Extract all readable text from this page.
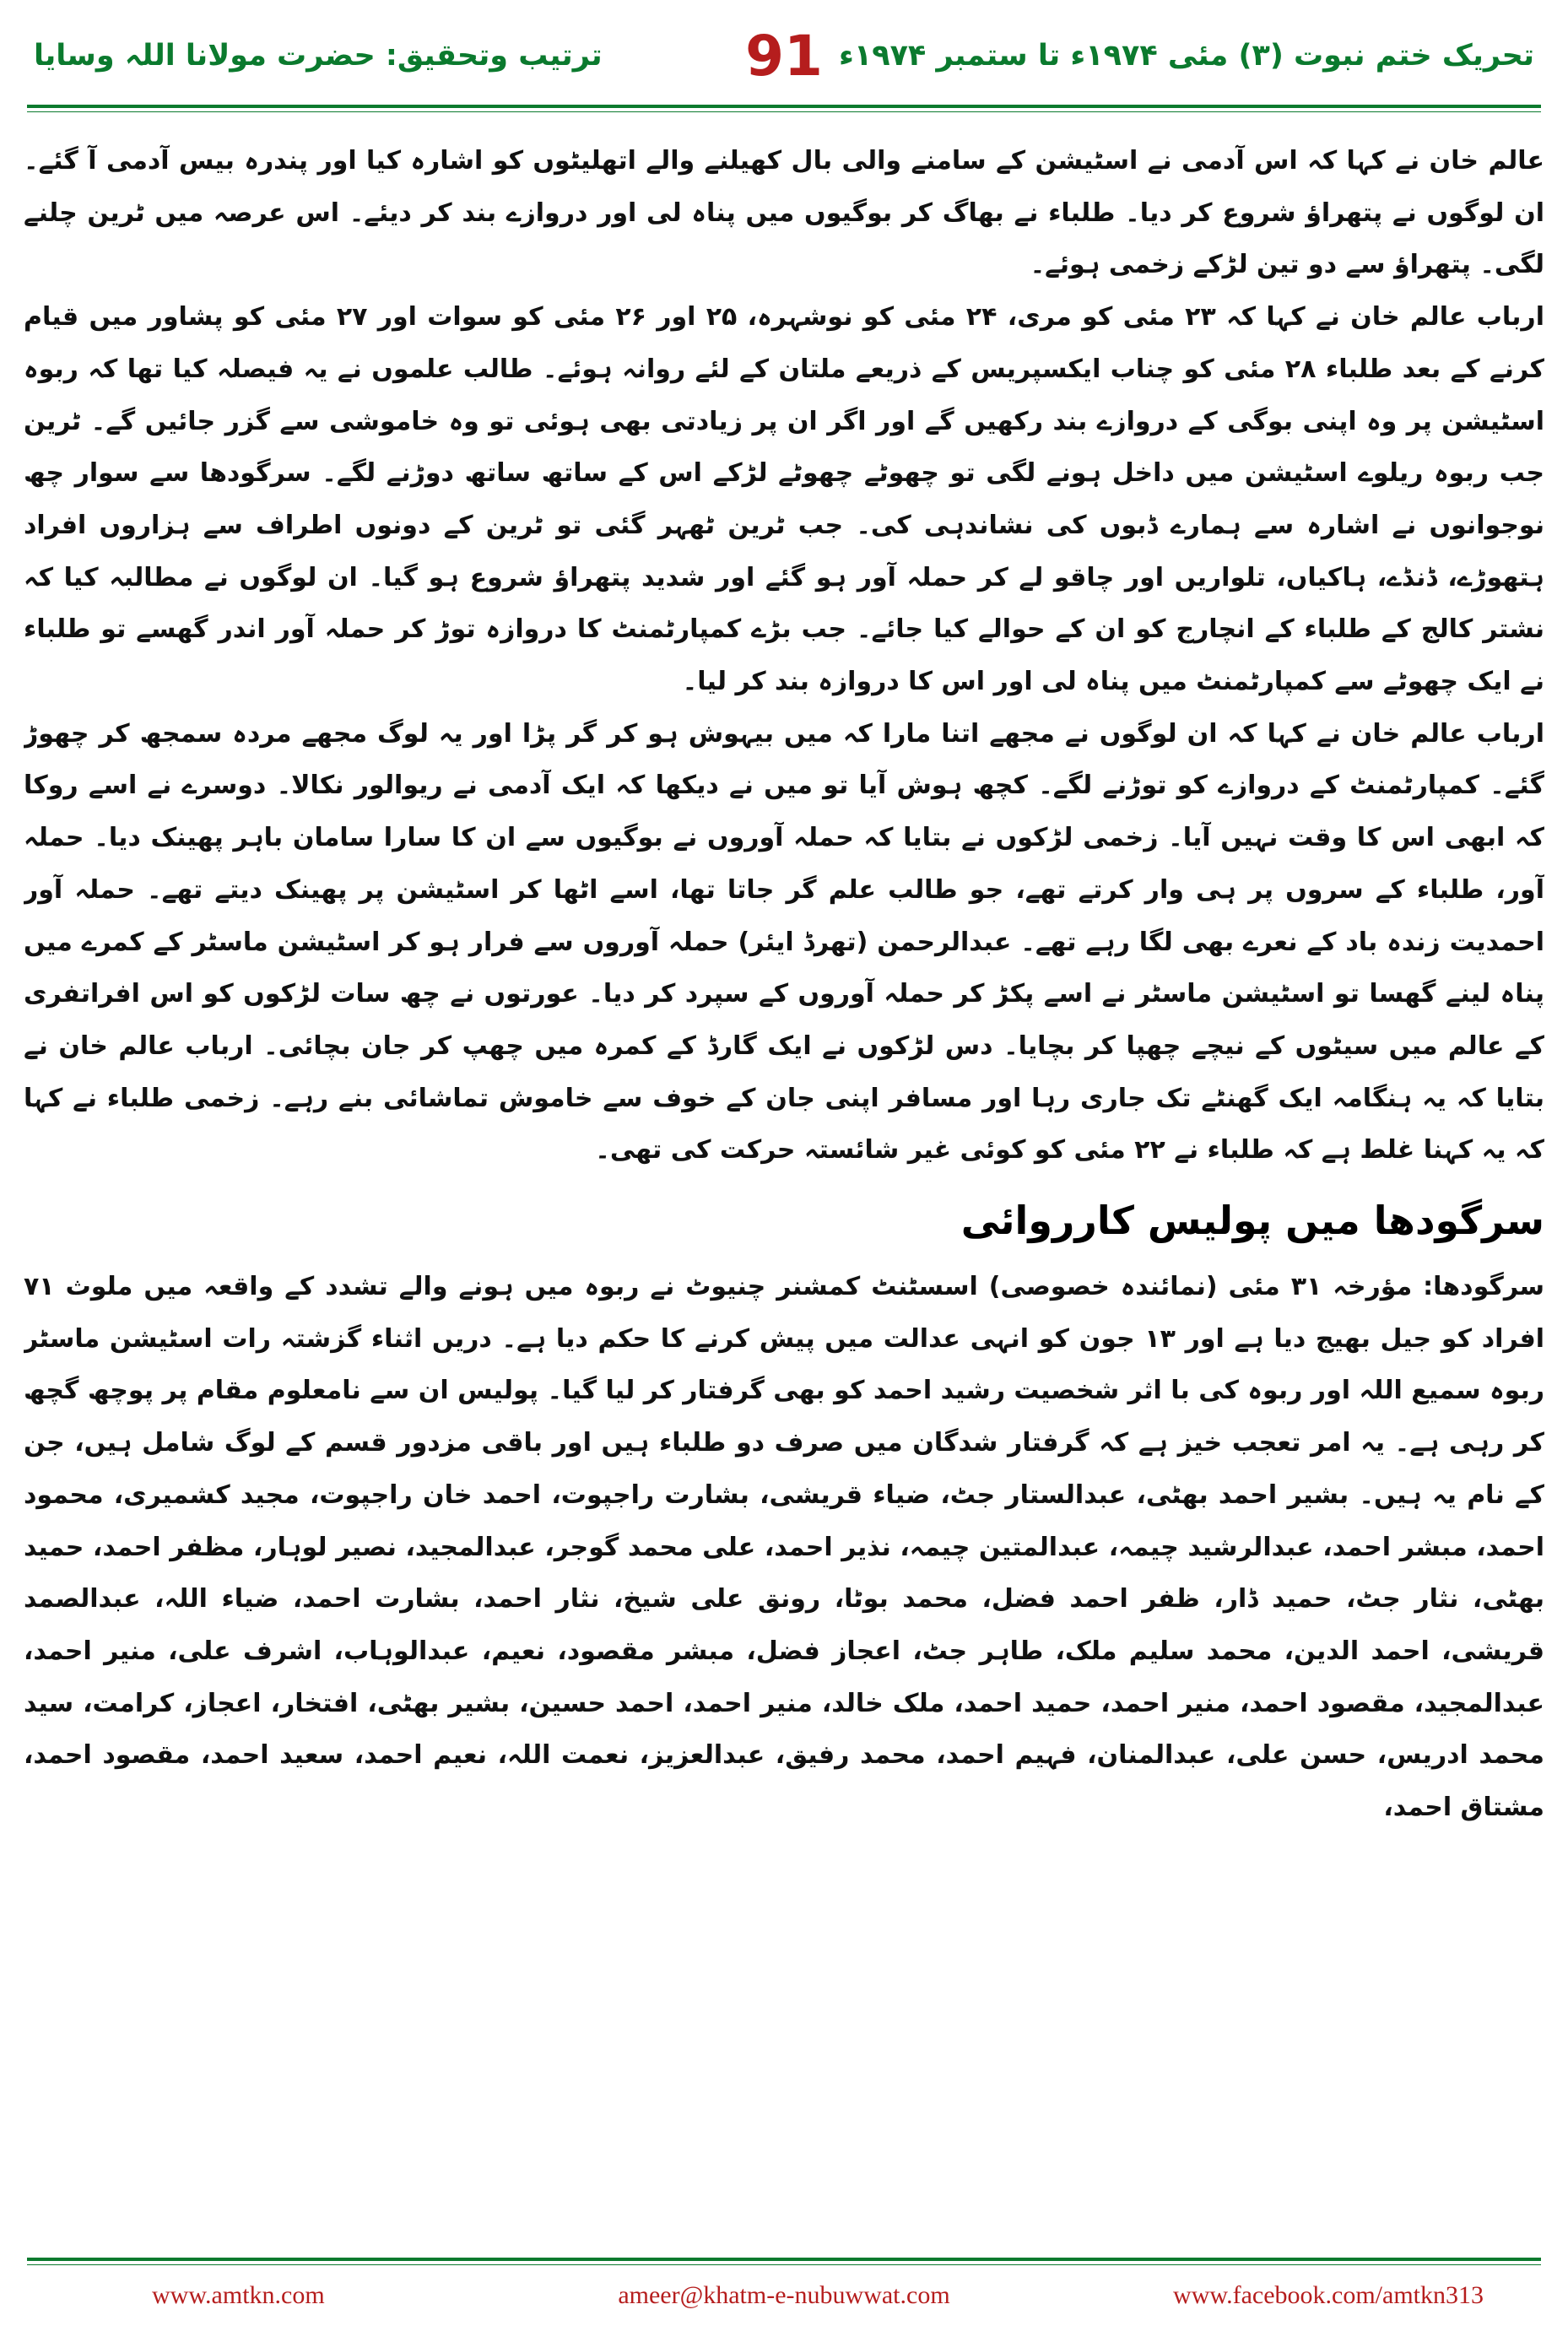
تحریک ختم نبوت (۳) مئی ۱۹۷۴ء تا ستمبر ۱۹۷۴ء
91
ترتیب وتحقیق: حضرت مولانا اللہ وسایا

عالم خان نے کہا کہ اس آدمی نے اسٹیشن کے سامنے والی بال کھیلنے والے اتھلیٹوں کو اشارہ کیا اور پندرہ بیس آدمی آ گئے۔ ان لوگوں نے پتھراؤ شروع کر دیا۔ طلباء نے بھاگ کر بوگیوں میں پناہ لی اور دروازے بند کر دیئے۔ اس عرصہ میں ٹرین چلنے لگی۔ پتھراؤ سے دو تین لڑکے زخمی ہوئے۔

ارباب عالم خان نے کہا کہ ۲۳ مئی کو مری، ۲۴ مئی کو نوشہرہ، ۲۵ اور ۲۶ مئی کو سوات اور ۲۷ مئی کو پشاور میں قیام کرنے کے بعد طلباء ۲۸ مئی کو چناب ایکسپریس کے ذریعے ملتان کے لئے روانہ ہوئے۔ طالب علموں نے یہ فیصلہ کیا تھا کہ ربوہ اسٹیشن پر وہ اپنی بوگی کے دروازے بند رکھیں گے اور اگر ان پر زیادتی بھی ہوئی تو وہ خاموشی سے گزر جائیں گے۔ ٹرین جب ربوہ ریلوے اسٹیشن میں داخل ہونے لگی تو چھوٹے چھوٹے لڑکے اس کے ساتھ ساتھ دوڑنے لگے۔ سرگودھا سے سوار چھ نوجوانوں نے اشارہ سے ہمارے ڈبوں کی نشاندہی کی۔ جب ٹرین ٹھہر گئی تو ٹرین کے دونوں اطراف سے ہزاروں افراد ہتھوڑے، ڈنڈے، ہاکیاں، تلواریں اور چاقو لے کر حملہ آور ہو گئے اور شدید پتھراؤ شروع ہو گیا۔ ان لوگوں نے مطالبہ کیا کہ نشتر کالج کے طلباء کے انچارج کو ان کے حوالے کیا جائے۔ جب بڑے کمپارٹمنٹ کا دروازہ توڑ کر حملہ آور اندر گھسے تو طلباء نے ایک چھوٹے سے کمپارٹمنٹ میں پناہ لی اور اس کا دروازہ بند کر لیا۔

ارباب عالم خان نے کہا کہ ان لوگوں نے مجھے اتنا مارا کہ میں بیہوش ہو کر گر پڑا اور یہ لوگ مجھے مردہ سمجھ کر چھوڑ گئے۔ کمپارٹمنٹ کے دروازے کو توڑنے لگے۔ کچھ ہوش آیا تو میں نے دیکھا کہ ایک آدمی نے ریوالور نکالا۔ دوسرے نے اسے روکا کہ ابھی اس کا وقت نہیں آیا۔ زخمی لڑکوں نے بتایا کہ حملہ آوروں نے بوگیوں سے ان کا سارا سامان باہر پھینک دیا۔ حملہ آور، طلباء کے سروں پر ہی وار کرتے تھے، جو طالب علم گر جاتا تھا، اسے اٹھا کر اسٹیشن پر پھینک دیتے تھے۔ حملہ آور احمدیت زندہ باد کے نعرے بھی لگا رہے تھے۔ عبدالرحمن (تھرڈ ایئر) حملہ آوروں سے فرار ہو کر اسٹیشن ماسٹر کے کمرے میں پناہ لینے گھسا تو اسٹیشن ماسٹر نے اسے پکڑ کر حملہ آوروں کے سپرد کر دیا۔ عورتوں نے چھ سات لڑکوں کو اس افراتفری کے عالم میں سیٹوں کے نیچے چھپا کر بچایا۔ دس لڑکوں نے ایک گارڈ کے کمرہ میں چھپ کر جان بچائی۔ ارباب عالم خان نے بتایا کہ یہ ہنگامہ ایک گھنٹے تک جاری رہا اور مسافر اپنی جان کے خوف سے خاموش تماشائی بنے رہے۔ زخمی طلباء نے کہا کہ یہ کہنا غلط ہے کہ طلباء نے ۲۲ مئی کو کوئی غیر شائستہ حرکت کی تھی۔

سرگودھا میں پولیس کارروائی

سرگودھا: مؤرخہ ۳۱ مئی (نمائندہ خصوصی) اسسٹنٹ کمشنر چنیوٹ نے ربوہ میں ہونے والے تشدد کے واقعہ میں ملوث ۷۱ افراد کو جیل بھیج دیا ہے اور ۱۳ جون کو انہی عدالت میں پیش کرنے کا حکم دیا ہے۔ دریں اثناء گزشتہ رات اسٹیشن ماسٹر ربوہ سمیع اللہ اور ربوہ کی با اثر شخصیت رشید احمد کو بھی گرفتار کر لیا گیا۔ پولیس ان سے نامعلوم مقام پر پوچھ گچھ کر رہی ہے۔ یہ امر تعجب خیز ہے کہ گرفتار شدگان میں صرف دو طلباء ہیں اور باقی مزدور قسم کے لوگ شامل ہیں، جن کے نام یہ ہیں۔ بشیر احمد بھٹی، عبدالستار جٹ، ضیاء قریشی، بشارت راجپوت، احمد خان راجپوت، مجید کشمیری، محمود احمد، مبشر احمد، عبدالرشید چیمہ، عبدالمتین چیمہ، نذیر احمد، علی محمد گوجر، عبدالمجید، نصیر لوہار، مظفر احمد، حمید بھٹی، نثار جٹ، حمید ڈار، ظفر احمد فضل، محمد بوٹا، رونق علی شیخ، نثار احمد، بشارت احمد، ضیاء اللہ، عبدالصمد قریشی، احمد الدین، محمد سلیم ملک، طاہر جٹ، اعجاز فضل، مبشر مقصود، نعیم، عبدالوہاب، اشرف علی، منیر احمد، عبدالمجید، مقصود احمد، منیر احمد، حمید احمد، ملک خالد، منیر احمد، احمد حسین، بشیر بھٹی، افتخار، اعجاز، کرامت، سید محمد ادریس، حسن علی، عبدالمنان، فہیم احمد، محمد رفیق، عبدالعزیز، نعمت اللہ، نعیم احمد، سعید احمد، مقصود احمد، مشتاق احمد،

www.amtkn.com	ameer@khatm-e-nubuwwat.com	www.facebook.com/amtkn313
